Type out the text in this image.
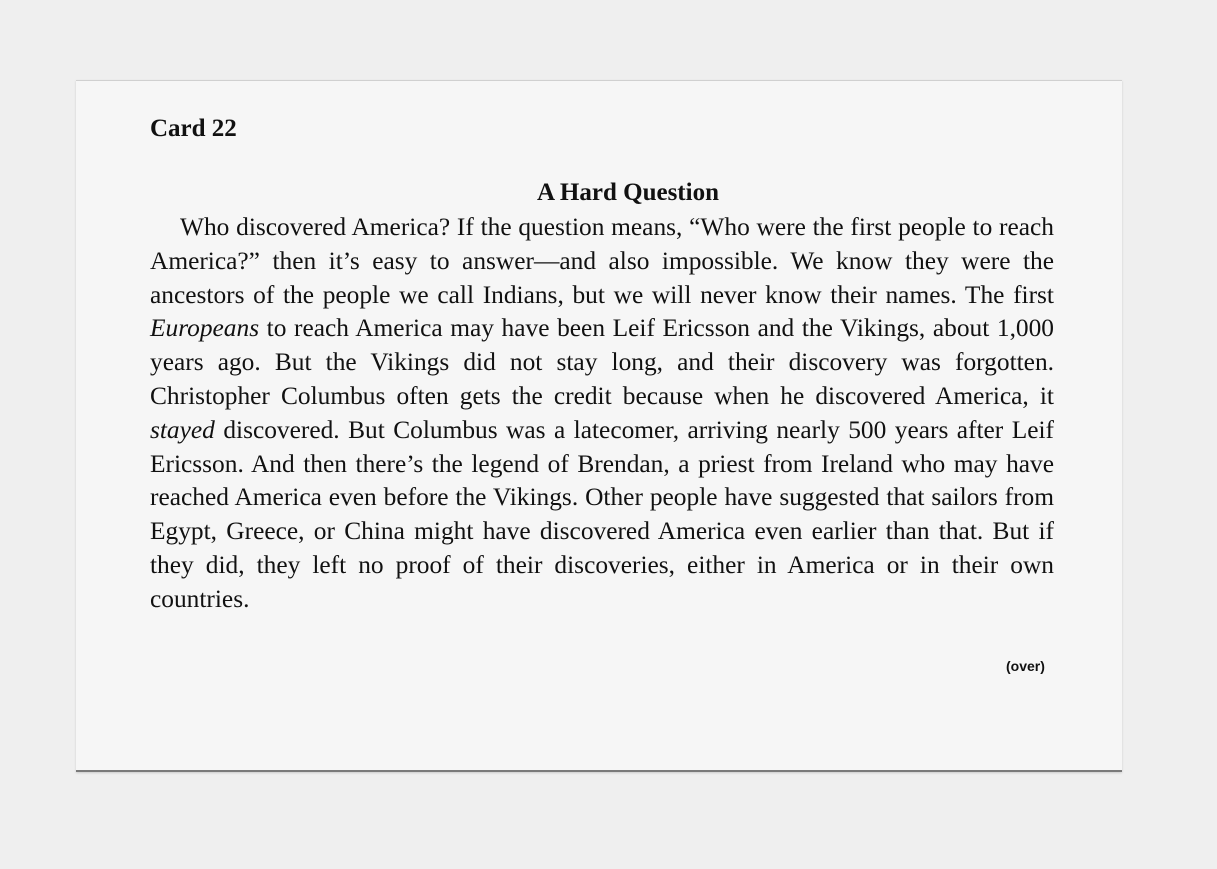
Card 22
A Hard Question

Who discovered America? If the question means, “Who were the first people to reach America?” then it’s easy to answer—and also impossible. We know they were the ancestors of the people we call Indians, but we will never know their names. The first Europeans to reach America may have been Leif Ericsson and the Vikings, about 1,000 years ago. But the Vikings did not stay long, and their discovery was forgotten. Christopher Columbus often gets the credit because when he discovered America, it stayed discovered. But Columbus was a latecomer, arriving nearly 500 years after Leif Ericsson. And then there’s the legend of Brendan, a priest from Ireland who may have reached America even before the Vikings. Other people have suggested that sailors from Egypt, Greece, or China might have discovered America even earlier than that. But if they did, they left no proof of their discoveries, either in America or in their own countries.

(over)
